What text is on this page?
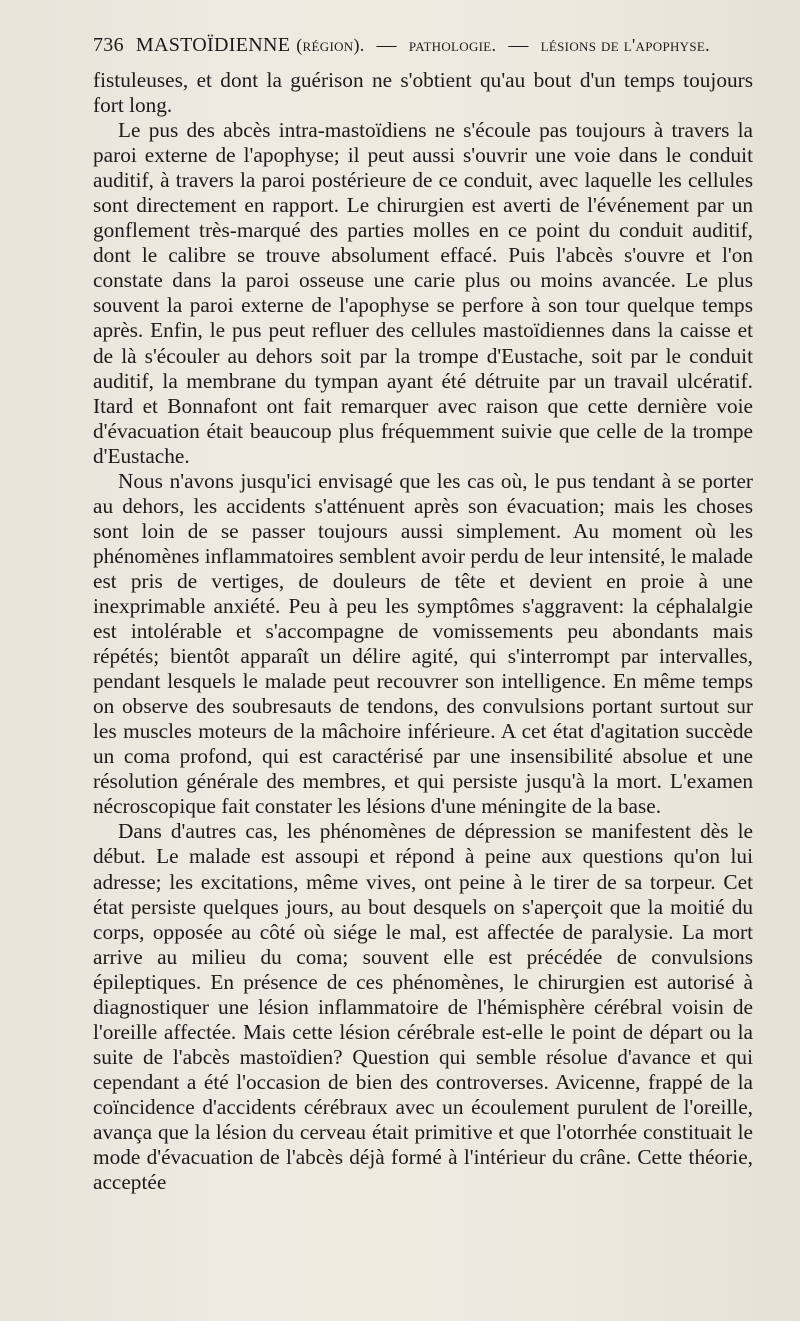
736 MASTOÏDIENNE (région). — pathologie. — lésions de l'apophyse.

fistuleuses, et dont la guérison ne s'obtient qu'au bout d'un temps toujours fort long.

Le pus des abcès intra-mastoïdiens ne s'écoule pas toujours à travers la paroi externe de l'apophyse; il peut aussi s'ouvrir une voie dans le conduit auditif, à travers la paroi postérieure de ce conduit, avec laquelle les cellules sont directement en rapport. Le chirurgien est averti de l'événement par un gonflement très-marqué des parties molles en ce point du conduit auditif, dont le calibre se trouve absolument effacé. Puis l'abcès s'ouvre et l'on constate dans la paroi osseuse une carie plus ou moins avancée. Le plus souvent la paroi externe de l'apophyse se perfore à son tour quelque temps après. Enfin, le pus peut refluer des cellules mastoïdiennes dans la caisse et de là s'écouler au dehors soit par la trompe d'Eustache, soit par le conduit auditif, la membrane du tympan ayant été détruite par un travail ulcératif. Itard et Bonnafont ont fait remarquer avec raison que cette dernière voie d'évacuation était beaucoup plus fréquemment suivie que celle de la trompe d'Eustache.

Nous n'avons jusqu'ici envisagé que les cas où, le pus tendant à se porter au dehors, les accidents s'atténuent après son évacuation; mais les choses sont loin de se passer toujours aussi simplement. Au moment où les phénomènes inflammatoires semblent avoir perdu de leur intensité, le malade est pris de vertiges, de douleurs de tête et devient en proie à une inexprimable anxiété. Peu à peu les symptômes s'aggravent: la céphalalgie est intolérable et s'accompagne de vomissements peu abondants mais répétés; bientôt apparaît un délire agité, qui s'interrompt par intervalles, pendant lesquels le malade peut recouvrer son intelligence. En même temps on observe des soubresauts de tendons, des convulsions portant surtout sur les muscles moteurs de la mâchoire inférieure. A cet état d'agitation succède un coma profond, qui est caractérisé par une insensibilité absolue et une résolution générale des membres, et qui persiste jusqu'à la mort. L'examen nécroscopique fait constater les lésions d'une méningite de la base.

Dans d'autres cas, les phénomènes de dépression se manifestent dès le début. Le malade est assoupi et répond à peine aux questions qu'on lui adresse; les excitations, même vives, ont peine à le tirer de sa torpeur. Cet état persiste quelques jours, au bout desquels on s'aperçoit que la moitié du corps, opposée au côté où siége le mal, est affectée de paralysie. La mort arrive au milieu du coma; souvent elle est précédée de convulsions épileptiques. En présence de ces phénomènes, le chirurgien est autorisé à diagnostiquer une lésion inflammatoire de l'hémisphère cérébral voisin de l'oreille affectée. Mais cette lésion cérébrale est-elle le point de départ ou la suite de l'abcès mastoïdien? Question qui semble résolue d'avance et qui cependant a été l'occasion de bien des controverses. Avicenne, frappé de la coïncidence d'accidents cérébraux avec un écoulement purulent de l'oreille, avança que la lésion du cerveau était primitive et que l'otorrhée constituait le mode d'évacuation de l'abcès déjà formé à l'intérieur du crâne. Cette théorie, acceptée
